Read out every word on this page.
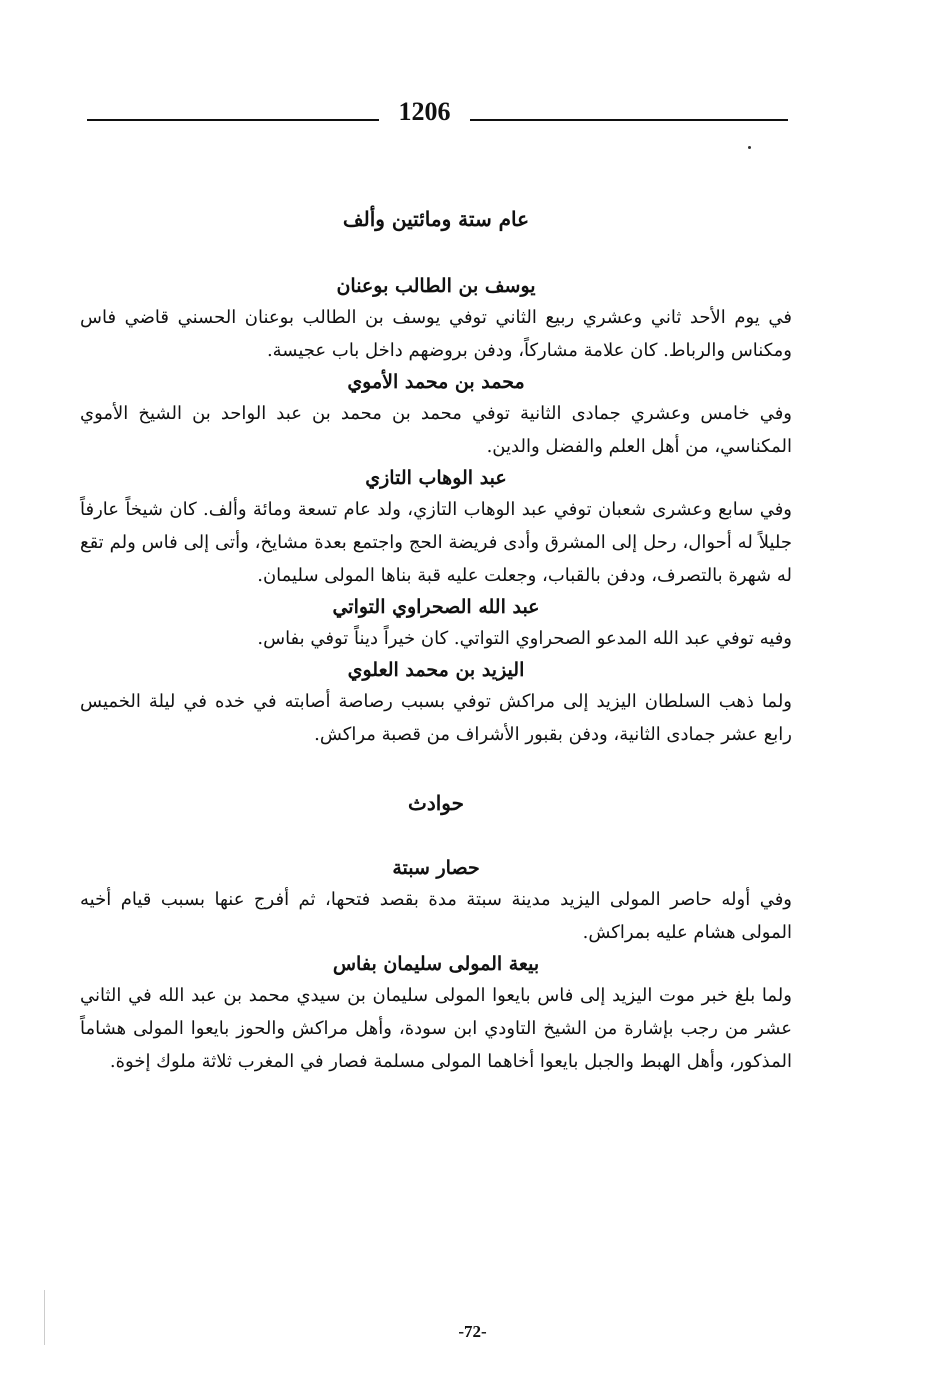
1206
عام ستة ومائتين وألف
يوسف بن الطالب بوعنان

في يوم الأحد ثاني وعشري ربيع الثاني توفي يوسف بن الطالب بوعنان الحسني قاضي فاس ومكناس والرباط. كان علامة مشاركاً، ودفن بروضهم داخل باب عجيسة.

محمد بن محمد الأموي

وفي خامس وعشري جمادى الثانية توفي محمد بن محمد بن عبد الواحد بن الشيخ الأموي المكناسي، من أهل العلم والفضل والدين.

عبد الوهاب التازي

وفي سابع وعشرى شعبان توفي عبد الوهاب التازي، ولد عام تسعة ومائة وألف. كان شيخاً عارفاً جليلاً له أحوال، رحل إلى المشرق وأدى فريضة الحج واجتمع بعدة مشايخ، وأتى إلى فاس ولم تقع له شهرة بالتصرف، ودفن بالقباب، وجعلت عليه قبة بناها المولى سليمان.

عبد الله الصحراوي التواتي

وفيه توفي عبد الله المدعو الصحراوي التواتي. كان خيراً ديناً توفي بفاس.

اليزيد بن محمد العلوي

ولما ذهب السلطان اليزيد إلى مراكش توفي بسبب رصاصة أصابته في خده في ليلة الخميس رابع عشر جمادى الثانية، ودفن بقبور الأشراف من قصبة مراكش.

حوادث
حصار سبتة

وفي أوله حاصر المولى اليزيد مدينة سبتة مدة بقصد فتحها، ثم أفرج عنها بسبب قيام أخيه المولى هشام عليه بمراكش.

بيعة المولى سليمان بفاس

ولما بلغ خبر موت اليزيد إلى فاس بايعوا المولى سليمان بن سيدي محمد بن عبد الله في الثاني عشر من رجب بإشارة من الشيخ التاودي ابن سودة، وأهل مراكش والحوز بايعوا المولى هشاماً المذكور، وأهل الهبط والجبل بايعوا أخاهما المولى مسلمة فصار في المغرب ثلاثة ملوك إخوة.

-72-
